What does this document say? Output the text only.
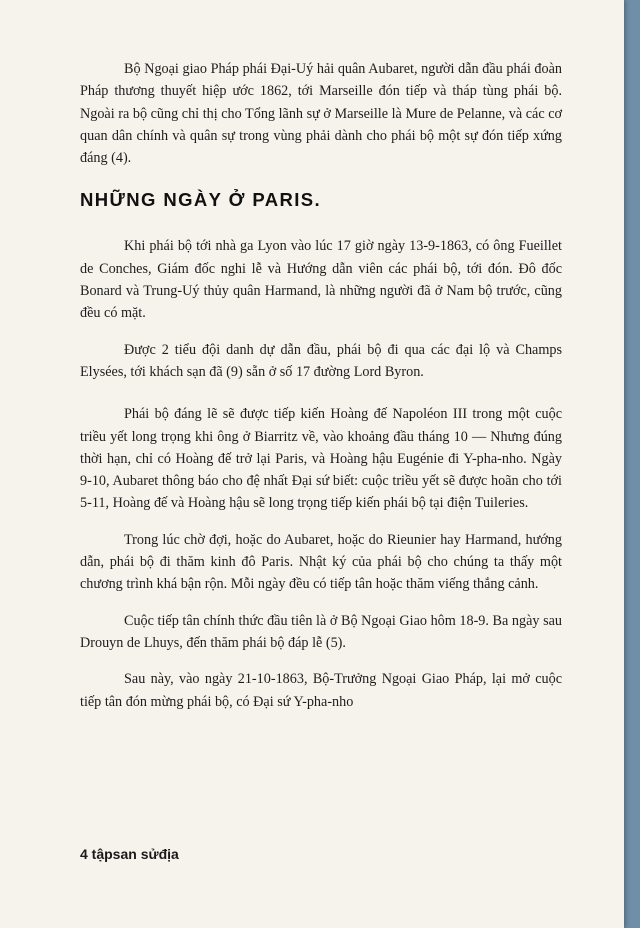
Bộ Ngoại giao Pháp phái Đại-Uý hải quân Aubaret, người dẫn đầu phái đoàn Pháp thương thuyết hiệp ước 1862, tới Marseille đón tiếp và tháp tùng phái bộ. Ngoài ra bộ cũng chỉ thị cho Tổng lãnh sự ở Marseille là Mure de Pelanne, và các cơ quan dân chính và quân sự trong vùng phải dành cho phái bộ một sự đón tiếp xứng đáng (4).

NHỮNG NGÀY Ở PARIS.

Khi phái bộ tới nhà ga Lyon vào lúc 17 giờ ngày 13-9-1863, có ông Fueillet de Conches, Giám đốc nghi lễ và Hướng dẫn viên các phái bộ, tới đón. Đô đốc Bonard và Trung-Uý thủy quân Harmand, là những người đã ở Nam bộ trước, cũng đều có mặt.

Được 2 tiểu đội danh dự dẫn đầu, phái bộ đi qua các đại lộ và Champs Elysées, tới khách sạn đã (9) sẵn ở số 17 đường Lord Byron.

Phái bộ đáng lẽ sẽ được tiếp kiến Hoàng đế Napoléon III trong một cuộc triều yết long trọng khi ông ở Biarritz về, vào khoảng đầu tháng 10 — Nhưng đúng thời hạn, chỉ có Hoàng đế trở lại Paris, và Hoàng hậu Eugénie đi Y-pha-nho. Ngày 9-10, Aubaret thông báo cho đệ nhất Đại sứ biết: cuộc triều yết sẽ được hoãn cho tới 5-11, Hoàng đế và Hoàng hậu sẽ long trọng tiếp kiến phái bộ tại điện Tuileries.

Trong lúc chờ đợi, hoặc do Aubaret, hoặc do Rieunier hay Harmand, hướng dẫn, phái bộ đi thăm kinh đô Paris. Nhật ký của phái bộ cho chúng ta thấy một chương trình khá bận rộn. Mỗi ngày đều có tiếp tân hoặc thăm viếng thắng cảnh.

Cuộc tiếp tân chính thức đầu tiên là ở Bộ Ngoại Giao hôm 18-9. Ba ngày sau Drouyn de Lhuys, đến thăm phái bộ đáp lễ (5).

Sau này, vào ngày 21-10-1863, Bộ-Trưởng Ngoại Giao Pháp, lại mở cuộc tiếp tân đón mừng phái bộ, có Đại sứ Y-pha-nho

4 tậpsan sửđịa
